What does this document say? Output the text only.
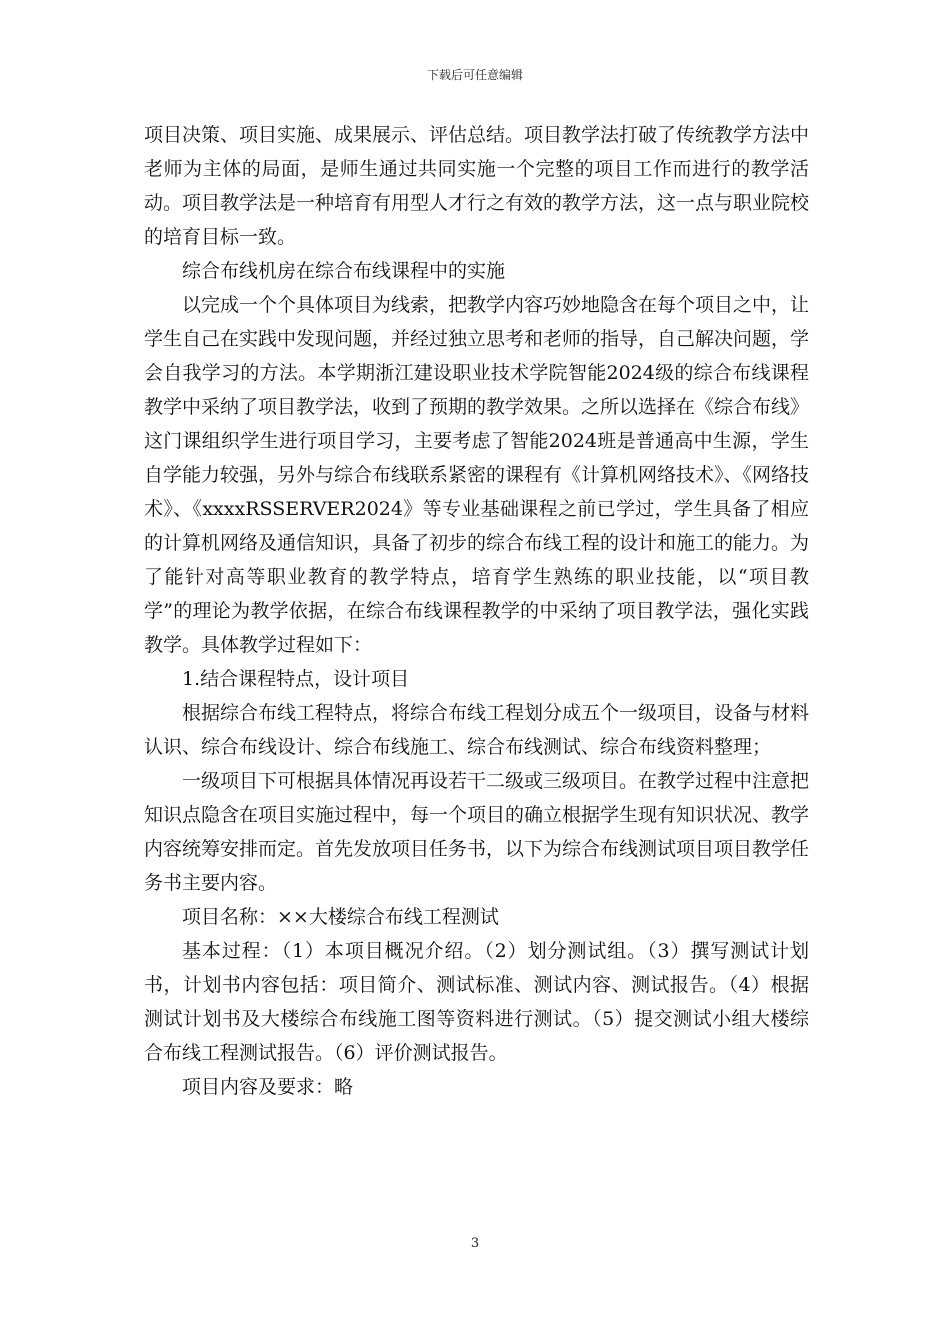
下载后可任意编辑

项目决策、项目实施、成果展示、评估总结。项目教学法打破了传统教学方法中老师为主体的局面，是师生通过共同实施一个完整的项目工作而进行的教学活动。项目教学法是一种培育有用型人才行之有效的教学方法，这一点与职业院校的培育目标一致。

综合布线机房在综合布线课程中的实施

以完成一个个具体项目为线索，把教学内容巧妙地隐含在每个项目之中，让学生自己在实践中发现问题，并经过独立思考和老师的指导，自己解决问题，学会自我学习的方法。本学期浙江建设职业技术学院智能2024级的综合布线课程教学中采纳了项目教学法，收到了预期的教学效果。之所以选择在《综合布线》这门课组织学生进行项目学习，主要考虑了智能2024班是普通高中生源，学生自学能力较强，另外与综合布线联系紧密的课程有《计算机网络技术》、《网络技术》、《xxxxRSSERVER2024》等专业基础课程之前已学过，学生具备了相应的计算机网络及通信知识，具备了初步的综合布线工程的设计和施工的能力。为了能针对高等职业教育的教学特点，培育学生熟练的职业技能，以“项目教学”的理论为教学依据，在综合布线课程教学的中采纳了项目教学法，强化实践教学。具体教学过程如下：

1.结合课程特点，设计项目

根据综合布线工程特点，将综合布线工程划分成五个一级项目，设备与材料认识、综合布线设计、综合布线施工、综合布线测试、综合布线资料整理；

一级项目下可根据具体情况再设若干二级或三级项目。在教学过程中注意把知识点隐含在项目实施过程中，每一个项目的确立根据学生现有知识状况、教学内容统筹安排而定。首先发放项目任务书，以下为综合布线测试项目项目教学任务书主要内容。

项目名称：××大楼综合布线工程测试

基本过程：（1）本项目概况介绍。（2）划分测试组。（3）撰写测试计划书，计划书内容包括：项目简介、测试标准、测试内容、测试报告。（4）根据测试计划书及大楼综合布线施工图等资料进行测试。（5）提交测试小组大楼综合布线工程测试报告。（6）评价测试报告。

项目内容及要求：略

3
